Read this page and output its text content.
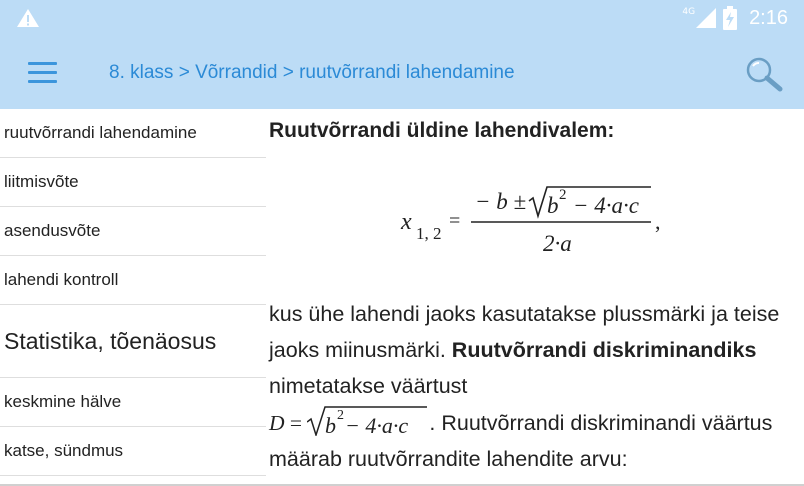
4G	2:16
8. klass > Võrrandid > ruutvõrrandi lahendamine
ruutvõrrandi lahendamine
liitmisvõte
asendusvõte
lahendi kontroll
Statistika, tõenäosus
keskmine hälve
katse, sündmus
Ruutvõrrandi üldine lahendivalem:
x 1, 2
=
− b ± b 2 − 4·a·c
2·a
,
kus ühe lahendi jaoks kasutatakse plussmärki ja teise jaoks miinusmärki. Ruutvõrrandi diskriminandiks nimetatakse väärtust
D = b 2 − 4·a·c . Ruutvõrrandi diskriminandi väärtus määrab ruutvõrrandite lahendite arvu:
